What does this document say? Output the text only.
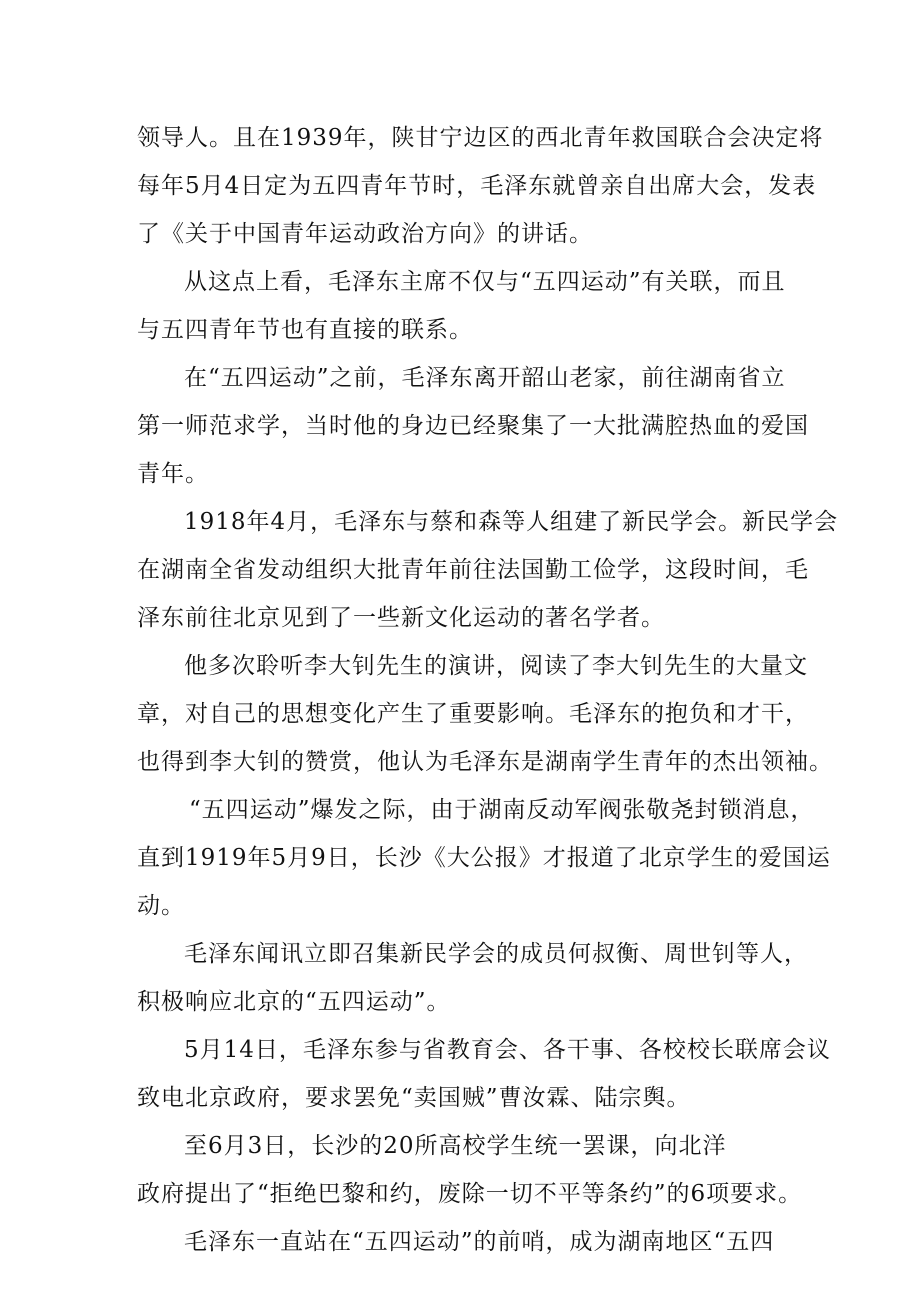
领导人。且在1939年，陕甘宁边区的西北青年救国联合会决定将
每年5月4日定为五四青年节时，毛泽东就曾亲自出席大会，发表
了《关于中国青年运动政治方向》的讲话。
从这点上看，毛泽东主席不仅与“五四运动”有关联，而且
与五四青年节也有直接的联系。
在“五四运动”之前，毛泽东离开韶山老家，前往湖南省立
第一师范求学，当时他的身边已经聚集了一大批满腔热血的爱国
青年。
1918年4月，毛泽东与蔡和森等人组建了新民学会。新民学会
在湖南全省发动组织大批青年前往法国勤工俭学，这段时间，毛
泽东前往北京见到了一些新文化运动的著名学者。
他多次聆听李大钊先生的演讲，阅读了李大钊先生的大量文
章，对自己的思想变化产生了重要影响。毛泽东的抱负和才干，
也得到李大钊的赞赏，他认为毛泽东是湖南学生青年的杰出领袖。
“五四运动”爆发之际，由于湖南反动军阀张敬尧封锁消息，
直到1919年5月9日，长沙《大公报》才报道了北京学生的爱国运
动。
毛泽东闻讯立即召集新民学会的成员何叔衡、周世钊等人，
积极响应北京的“五四运动”。
5月14日，毛泽东参与省教育会、各干事、各校校长联席会议
致电北京政府，要求罢免“卖国贼”曹汝霖、陆宗舆。
至6月3日，长沙的20所高校学生统一罢课，向北洋
政府提出了“拒绝巴黎和约，废除一切不平等条约”的6项要求。
毛泽东一直站在“五四运动”的前哨，成为湖南地区“五四
